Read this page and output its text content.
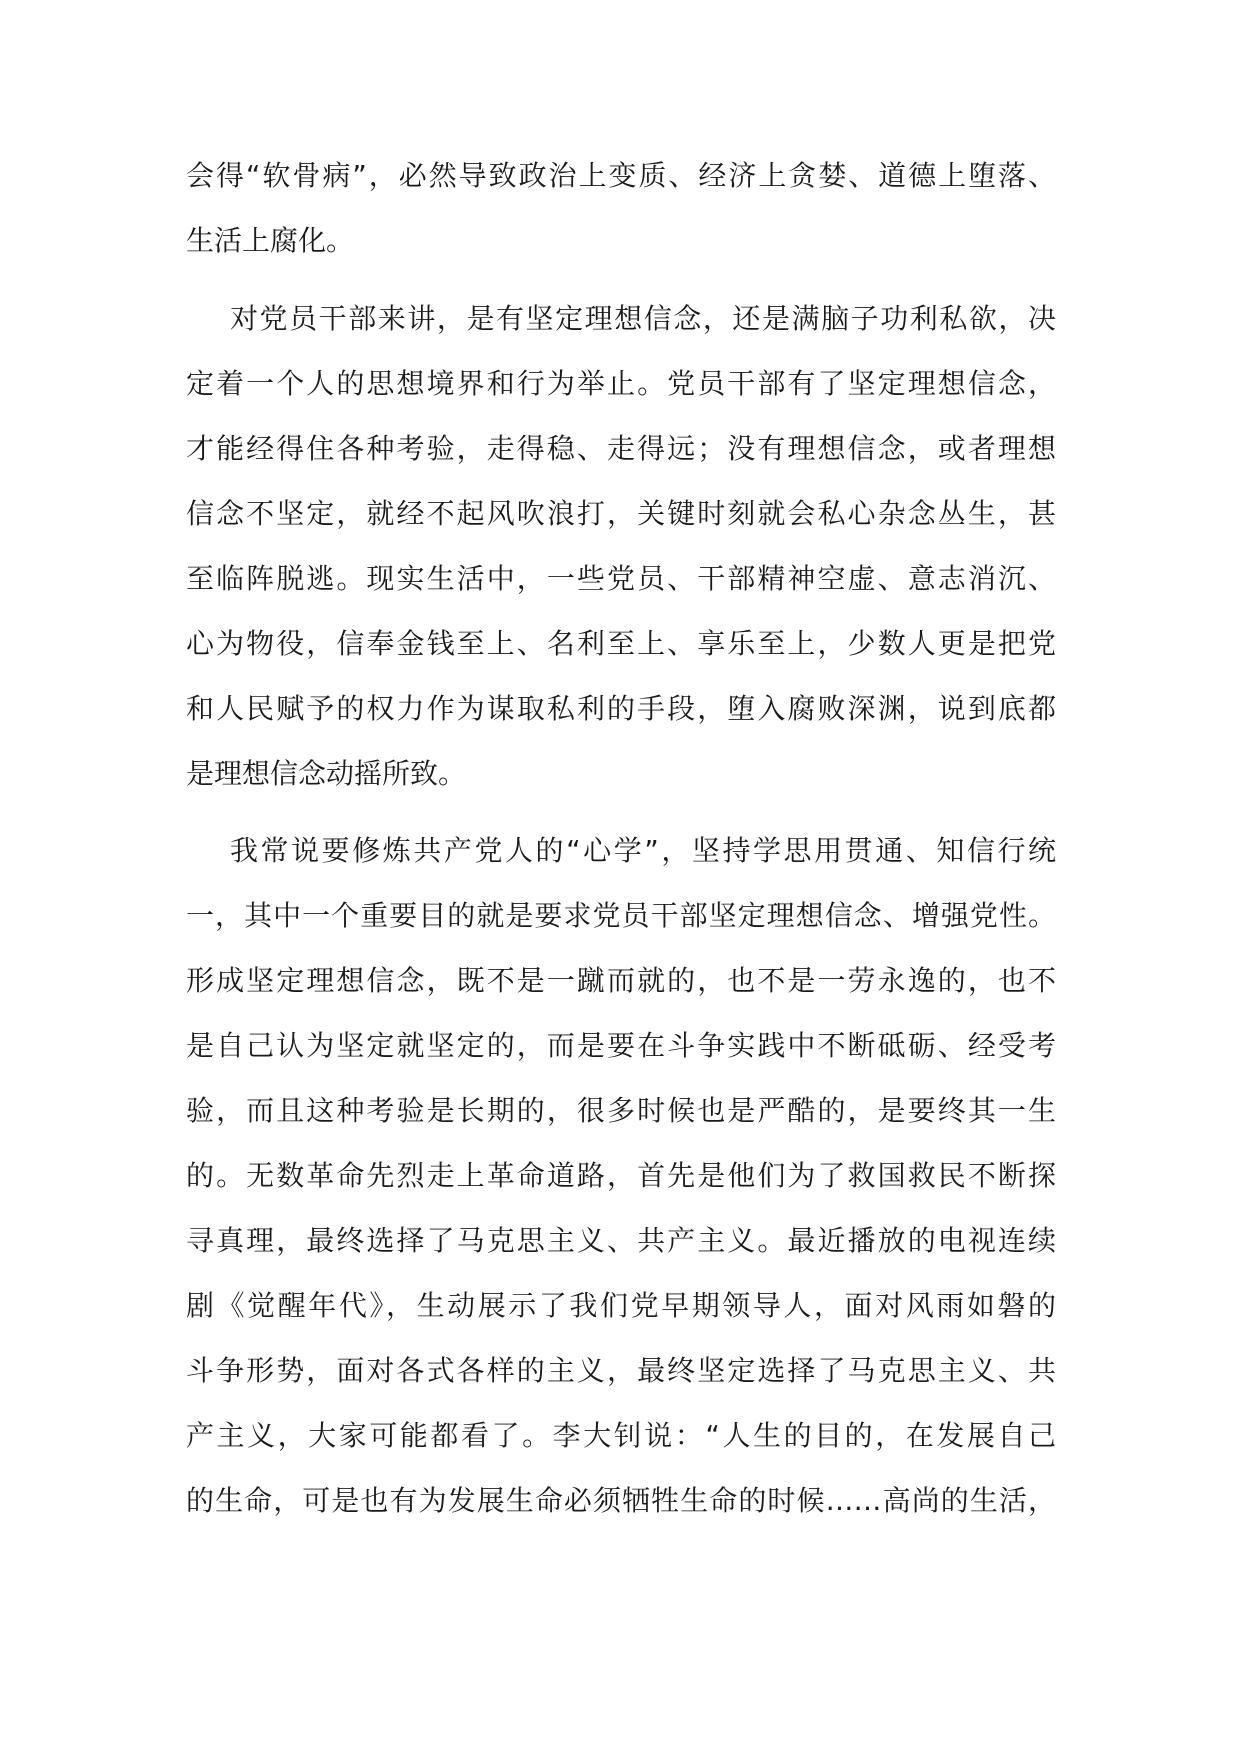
会得“软骨病”，必然导致政治上变质、经济上贪婪、道德上堕落、
生活上腐化。
对党员干部来讲，是有坚定理想信念，还是满脑子功利私欲，决
定着一个人的思想境界和行为举止。党员干部有了坚定理想信念，
才能经得住各种考验，走得稳、走得远；没有理想信念，或者理想
信念不坚定，就经不起风吹浪打，关键时刻就会私心杂念丛生，甚
至临阵脱逃。现实生活中，一些党员、干部精神空虚、意志消沉、
心为物役，信奉金钱至上、名利至上、享乐至上，少数人更是把党
和人民赋予的权力作为谋取私利的手段，堕入腐败深渊，说到底都
是理想信念动摇所致。
我常说要修炼共产党人的“心学”，坚持学思用贯通、知信行统
一，其中一个重要目的就是要求党员干部坚定理想信念、增强党性。
形成坚定理想信念，既不是一蹴而就的，也不是一劳永逸的，也不
是自己认为坚定就坚定的，而是要在斗争实践中不断砥砺、经受考
验，而且这种考验是长期的，很多时候也是严酷的，是要终其一生
的。无数革命先烈走上革命道路，首先是他们为了救国救民不断探
寻真理，最终选择了马克思主义、共产主义。最近播放的电视连续
剧《觉醒年代》，生动展示了我们党早期领导人，面对风雨如磐的
斗争形势，面对各式各样的主义，最终坚定选择了马克思主义、共
产主义，大家可能都看了。李大钊说：“人生的目的，在发展自己
的生命，可是也有为发展生命必须牺牲生命的时候……高尚的生活，
